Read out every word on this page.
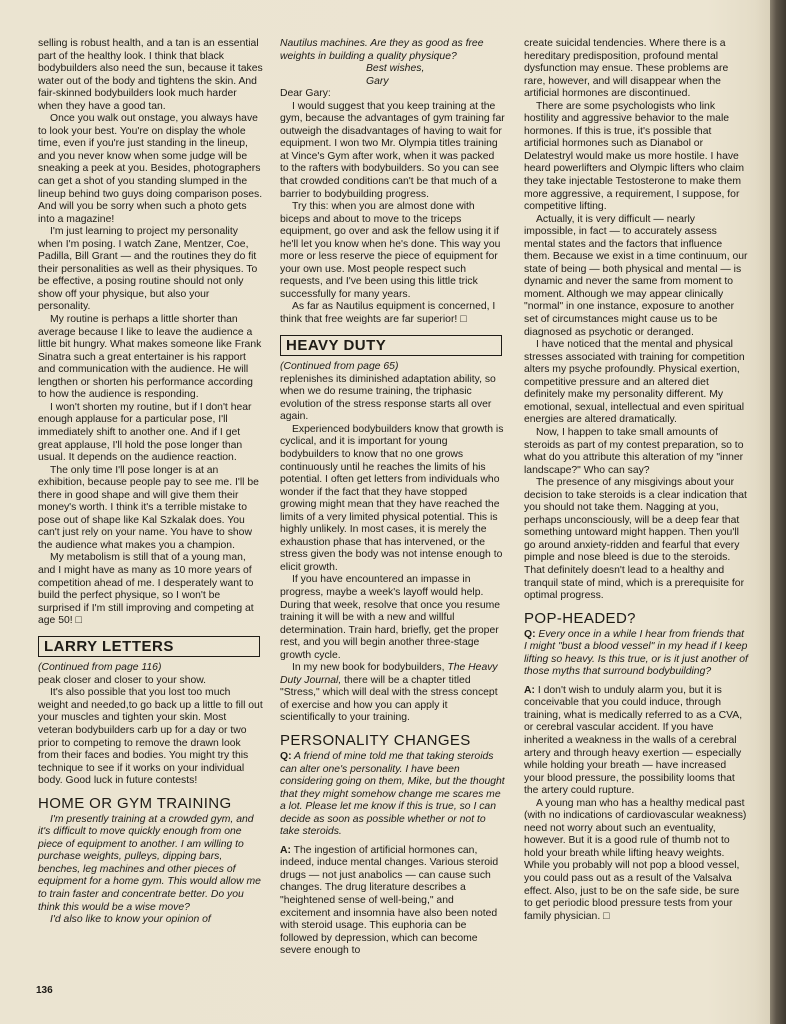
selling is robust health, and a tan is an essential part of the healthy look. I think that black bodybuilders also need the sun, because it takes water out of the body and tightens the skin. And fair-skinned bodybuilders look much harder when they have a good tan.

Once you walk out onstage, you always have to look your best. You're on display the whole time, even if you're just standing in the lineup, and you never know when some judge will be sneaking a peek at you. Besides, photographers can get a shot of you standing slumped in the lineup behind two guys doing comparison poses. And will you be sorry when such a photo gets into a magazine!

I'm just learning to project my personality when I'm posing. I watch Zane, Mentzer, Coe, Padilla, Bill Grant — and the routines they do fit their personalities as well as their physiques. To be effective, a posing routine should not only show off your physique, but also your personality.

My routine is perhaps a little shorter than average because I like to leave the audience a little bit hungry. What makes someone like Frank Sinatra such a great entertainer is his rapport and communication with the audience. He will lengthen or shorten his performance according to how the audience is responding.

I won't shorten my routine, but if I don't hear enough applause for a particular pose, I'll immediately shift to another one. And if I get great applause, I'll hold the pose longer than usual. It depends on the audience reaction.

The only time I'll pose longer is at an exhibition, because people pay to see me. I'll be there in good shape and will give them their money's worth. I think it's a terrible mistake to pose out of shape like Kal Szkalak does. You can't just rely on your name. You have to show the audience what makes you a champion.

My metabolism is still that of a young man, and I might have as many as 10 more years of competition ahead of me. I desperately want to build the perfect physique, so I won't be surprised if I'm still improving and competing at age 50! □

LARRY LETTERS

(Continued from page 116)

peak closer and closer to your show.

It's also possible that you lost too much weight and needed,to go back up a little to fill out your muscles and tighten your skin. Most veteran bodybuilders carb up for a day or two prior to competing to remove the drawn look from their faces and bodies. You might try this technique to see if it works on your individual body. Good luck in future contests!

HOME OR GYM TRAINING

I'm presently training at a crowded gym, and it's difficult to move quickly enough from one piece of equipment to another. I am willing to purchase weights, pulleys, dipping bars, benches, leg machines and other pieces of equipment for a home gym. This would allow me to train faster and concentrate better. Do you think this would be a wise move?

I'd also like to know your opinion of

Nautilus machines. Are they as good as free weights in building a quality physique?

Best wishes,

Gary

Dear Gary:

I would suggest that you keep training at the gym, because the advantages of gym training far outweigh the disadvantages of having to wait for equipment. I won two Mr. Olympia titles training at Vince's Gym after work, when it was packed to the rafters with bodybuilders. So you can see that crowded conditions can't be that much of a barrier to bodybuilding progress.

Try this: when you are almost done with biceps and about to move to the triceps equipment, go over and ask the fellow using it if he'll let you know when he's done. This way you more or less reserve the piece of equipment for your own use. Most people respect such requests, and I've been using this little trick successfully for many years.

As far as Nautilus equipment is concerned, I think that free weights are far superior! □

HEAVY DUTY

(Continued from page 65)

replenishes its diminished adaptation ability, so when we do resume training, the triphasic evolution of the stress response starts all over again.

Experienced bodybuilders know that growth is cyclical, and it is important for young bodybuilders to know that no one grows continuously until he reaches the limits of his potential. I often get letters from individuals who wonder if the fact that they have stopped growing might mean that they have reached the limits of a very limited physical potential. This is highly unlikely. In most cases, it is merely the exhaustion phase that has intervened, or the stress given the body was not intense enough to elicit growth.

If you have encountered an impasse in progress, maybe a week's layoff would help. During that week, resolve that once you resume training it will be with a new and willful determination. Train hard, briefly, get the proper rest, and you will begin another three-stage growth cycle.

In my new book for bodybuilders, The Heavy Duty Journal, there will be a chapter titled "Stress," which will deal with the stress concept of exercise and how you can apply it scientifically to your training.

PERSONALITY CHANGES

Q: A friend of mine told me that taking steroids can alter one's personality. I have been considering going on them, Mike, but the thought that they might somehow change me scares me a lot. Please let me know if this is true, so I can decide as soon as possible whether or not to take steroids.

A: The ingestion of artificial hormones can, indeed, induce mental changes. Various steroid drugs — not just anabolics — can cause such changes. The drug literature describes a "heightened sense of well-being," and excitement and insomnia have also been noted with steroid usage. This euphoria can be followed by depression, which can become severe enough to

create suicidal tendencies. Where there is a hereditary predisposition, profound mental dysfunction may ensue. These problems are rare, however, and will disappear when the artificial hormones are discontinued.

There are some psychologists who link hostility and aggressive behavior to the male hormones. If this is true, it's possible that artificial hormones such as Dianabol or Delatestryl would make us more hostile. I have heard powerlifters and Olympic lifters who claim they take injectable Testosterone to make them more aggressive, a requirement, I suppose, for competitive lifting.

Actually, it is very difficult — nearly impossible, in fact — to accurately assess mental states and the factors that influence them. Because we exist in a time continuum, our state of being — both physical and mental — is dynamic and never the same from moment to moment. Although we may appear clinically "normal" in one instance, exposure to another set of circumstances might cause us to be diagnosed as psychotic or deranged.

I have noticed that the mental and physical stresses associated with training for competition alters my psyche profoundly. Physical exertion, competitive pressure and an altered diet definitely make my personality different. My emotional, sexual, intellectual and even spiritual energies are altered dramatically.

Now, I happen to take small amounts of steroids as part of my contest preparation, so to what do you attribute this alteration of my "inner landscape?" Who can say?

The presence of any misgivings about your decision to take steroids is a clear indication that you should not take them. Nagging at you, perhaps unconsciously, will be a deep fear that something untoward might happen. Then you'll go around anxiety-ridden and fearful that every pimple and nose bleed is due to the steroids. That definitely doesn't lead to a healthy and tranquil state of mind, which is a prerequisite for optimal progress.

POP-HEADED?

Q: Every once in a while I hear from friends that I might "bust a blood vessel" in my head if I keep lifting so heavy. Is this true, or is it just another of those myths that surround bodybuilding?

A: I don't wish to unduly alarm you, but it is conceivable that you could induce, through training, what is medically referred to as a CVA, or cerebral vascular accident. If you have inherited a weakness in the walls of a cerebral artery and through heavy exertion — especially while holding your breath — have increased your blood pressure, the possibility looms that the artery could rupture.

A young man who has a healthy medical past (with no indications of cardiovascular weakness) need not worry about such an eventuality, however. But it is a good rule of thumb not to hold your breath while lifting heavy weights. While you probably will not pop a blood vessel, you could pass out as a result of the Valsalva effect. Also, just to be on the safe side, be sure to get periodic blood pressure tests from your family physician. □

136
